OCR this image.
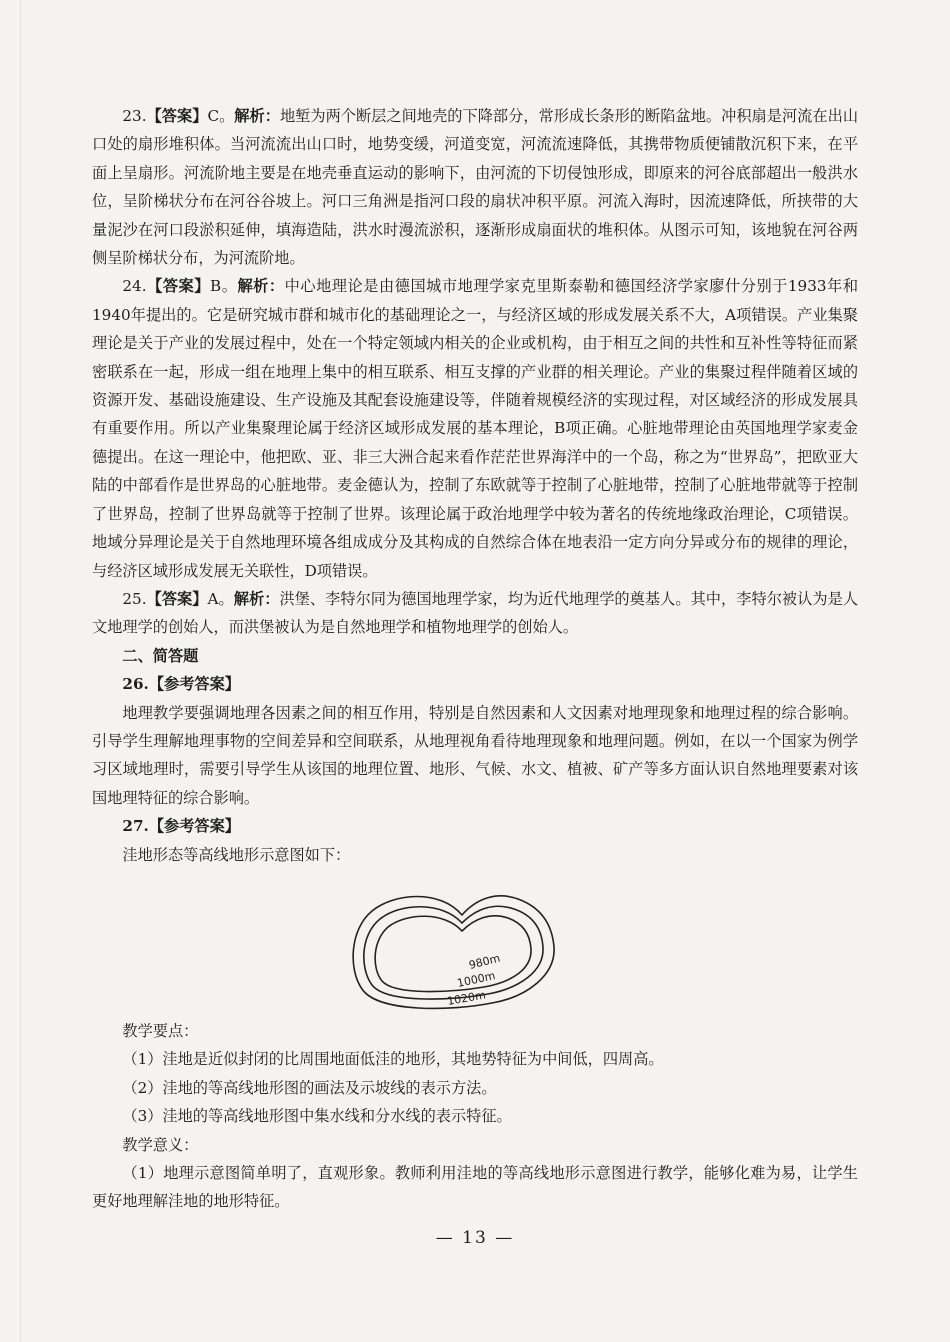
23.【答案】C。解析：地堑为两个断层之间地壳的下降部分，常形成长条形的断陷盆地。冲积扇是河流在出山口处的扇形堆积体。当河流流出山口时，地势变缓，河道变宽，河流流速降低，其携带物质便铺散沉积下来，在平面上呈扇形。河流阶地主要是在地壳垂直运动的影响下，由河流的下切侵蚀形成，即原来的河谷底部超出一般洪水位，呈阶梯状分布在河谷谷坡上。河口三角洲是指河口段的扇状冲积平原。河流入海时，因流速降低，所挟带的大量泥沙在河口段淤积延伸，填海造陆，洪水时漫流淤积，逐渐形成扇面状的堆积体。从图示可知，该地貌在河谷两侧呈阶梯状分布，为河流阶地。

24.【答案】B。解析：中心地理论是由德国城市地理学家克里斯泰勒和德国经济学家廖什分别于1933年和1940年提出的。它是研究城市群和城市化的基础理论之一，与经济区域的形成发展关系不大，A项错误。产业集聚理论是关于产业的发展过程中，处在一个特定领域内相关的企业或机构，由于相互之间的共性和互补性等特征而紧密联系在一起，形成一组在地理上集中的相互联系、相互支撑的产业群的相关理论。产业的集聚过程伴随着区域的资源开发、基础设施建设、生产设施及其配套设施建设等，伴随着规模经济的实现过程，对区域经济的形成发展具有重要作用。所以产业集聚理论属于经济区域形成发展的基本理论，B项正确。心脏地带理论由英国地理学家麦金德提出。在这一理论中，他把欧、亚、非三大洲合起来看作茫茫世界海洋中的一个岛，称之为“世界岛”，把欧亚大陆的中部看作是世界岛的心脏地带。麦金德认为，控制了东欧就等于控制了心脏地带，控制了心脏地带就等于控制了世界岛，控制了世界岛就等于控制了世界。该理论属于政治地理学中较为著名的传统地缘政治理论，C项错误。地域分异理论是关于自然地理环境各组成成分及其构成的自然综合体在地表沿一定方向分异或分布的规律的理论，与经济区域形成发展无关联性，D项错误。

25.【答案】A。解析：洪堡、李特尔同为德国地理学家，均为近代地理学的奠基人。其中，李特尔被认为是人文地理学的创始人，而洪堡被认为是自然地理学和植物地理学的创始人。

二、简答题

26.【参考答案】

地理教学要强调地理各因素之间的相互作用，特别是自然因素和人文因素对地理现象和地理过程的综合影响。引导学生理解地理事物的空间差异和空间联系，从地理视角看待地理现象和地理问题。例如，在以一个国家为例学习区域地理时，需要引导学生从该国的地理位置、地形、气候、水文、植被、矿产等多方面认识自然地理要素对该国地理特征的综合影响。

27.【参考答案】

洼地形态等高线地形示意图如下：

980m
1000m
1020m

教学要点：

（1）洼地是近似封闭的比周围地面低洼的地形，其地势特征为中间低，四周高。

（2）洼地的等高线地形图的画法及示坡线的表示方法。

（3）洼地的等高线地形图中集水线和分水线的表示特征。

教学意义：

（1）地理示意图简单明了，直观形象。教师利用洼地的等高线地形示意图进行教学，能够化难为易，让学生更好地理解洼地的地形特征。

— 13 —
